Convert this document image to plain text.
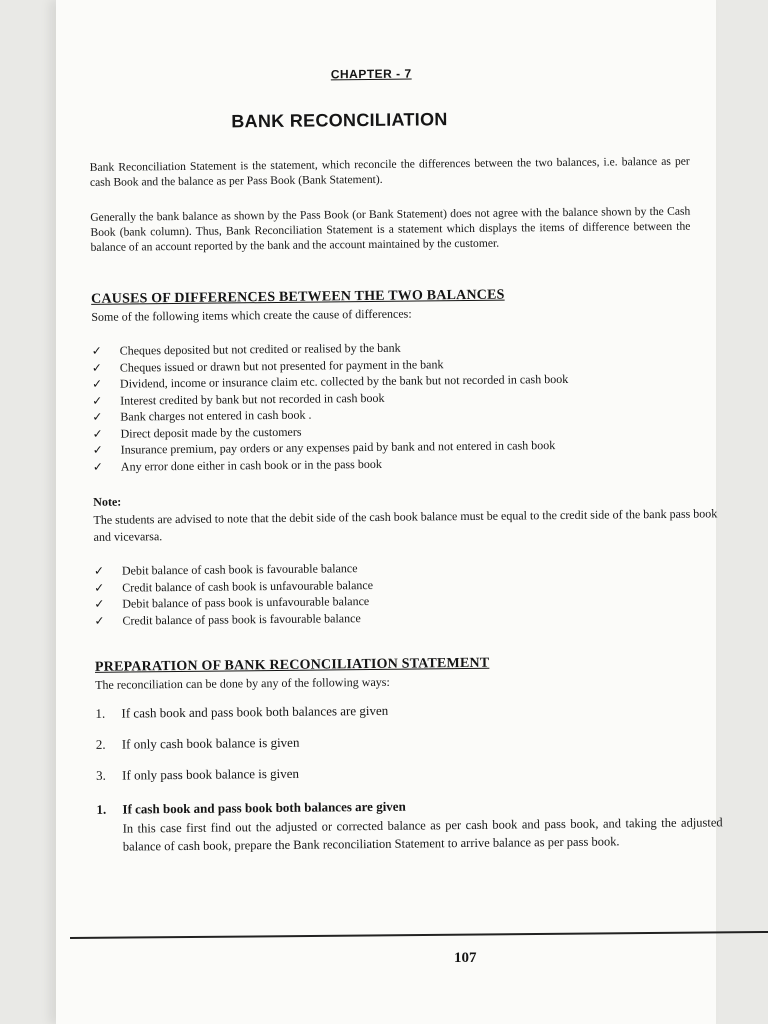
CHAPTER - 7
BANK RECONCILIATION
Bank Reconciliation Statement is the statement, which reconcile the differences between the two balances, i.e. balance as per cash Book and the balance as per Pass Book (Bank Statement).
Generally the bank balance as shown by the Pass Book (or Bank Statement) does not agree with the balance shown by the Cash Book (bank column). Thus, Bank Reconciliation Statement is a statement which displays the items of difference between the balance of an account reported by the bank and the account maintained by the customer.
CAUSES OF DIFFERENCES BETWEEN THE TWO BALANCES
Some of the following items which create the cause of differences:
✓	Cheques deposited but not credited or realised by the bank
✓	Cheques issued or drawn but not presented for payment in the bank
✓	Dividend, income or insurance claim etc. collected by the bank but not recorded in cash book
✓	Interest credited by bank but not recorded in cash book
✓	Bank charges not entered in cash book .
✓	Direct deposit made by the customers
✓	Insurance premium, pay orders or any expenses paid by bank and not entered in cash book
✓	Any error done either in cash book or in the pass book
Note:
The students are advised to note that the debit side of the cash book balance must be equal to the credit side of the bank pass book and vicevarsa.
✓	Debit balance of cash book is favourable balance
✓	Credit balance of cash book is unfavourable balance
✓	Debit balance of pass book is unfavourable balance
✓	Credit balance of pass book is favourable balance
PREPARATION OF BANK RECONCILIATION STATEMENT
The reconciliation can be done by any of the following ways:
1. If cash book and pass book both balances are given
2. If only cash book balance is given
3. If only pass book balance is given
1. If cash book and pass book both balances are given
In this case first find out the adjusted or corrected balance as per cash book and pass book, and taking the adjusted balance of cash book, prepare the Bank reconciliation Statement to arrive balance as per pass book.
107
